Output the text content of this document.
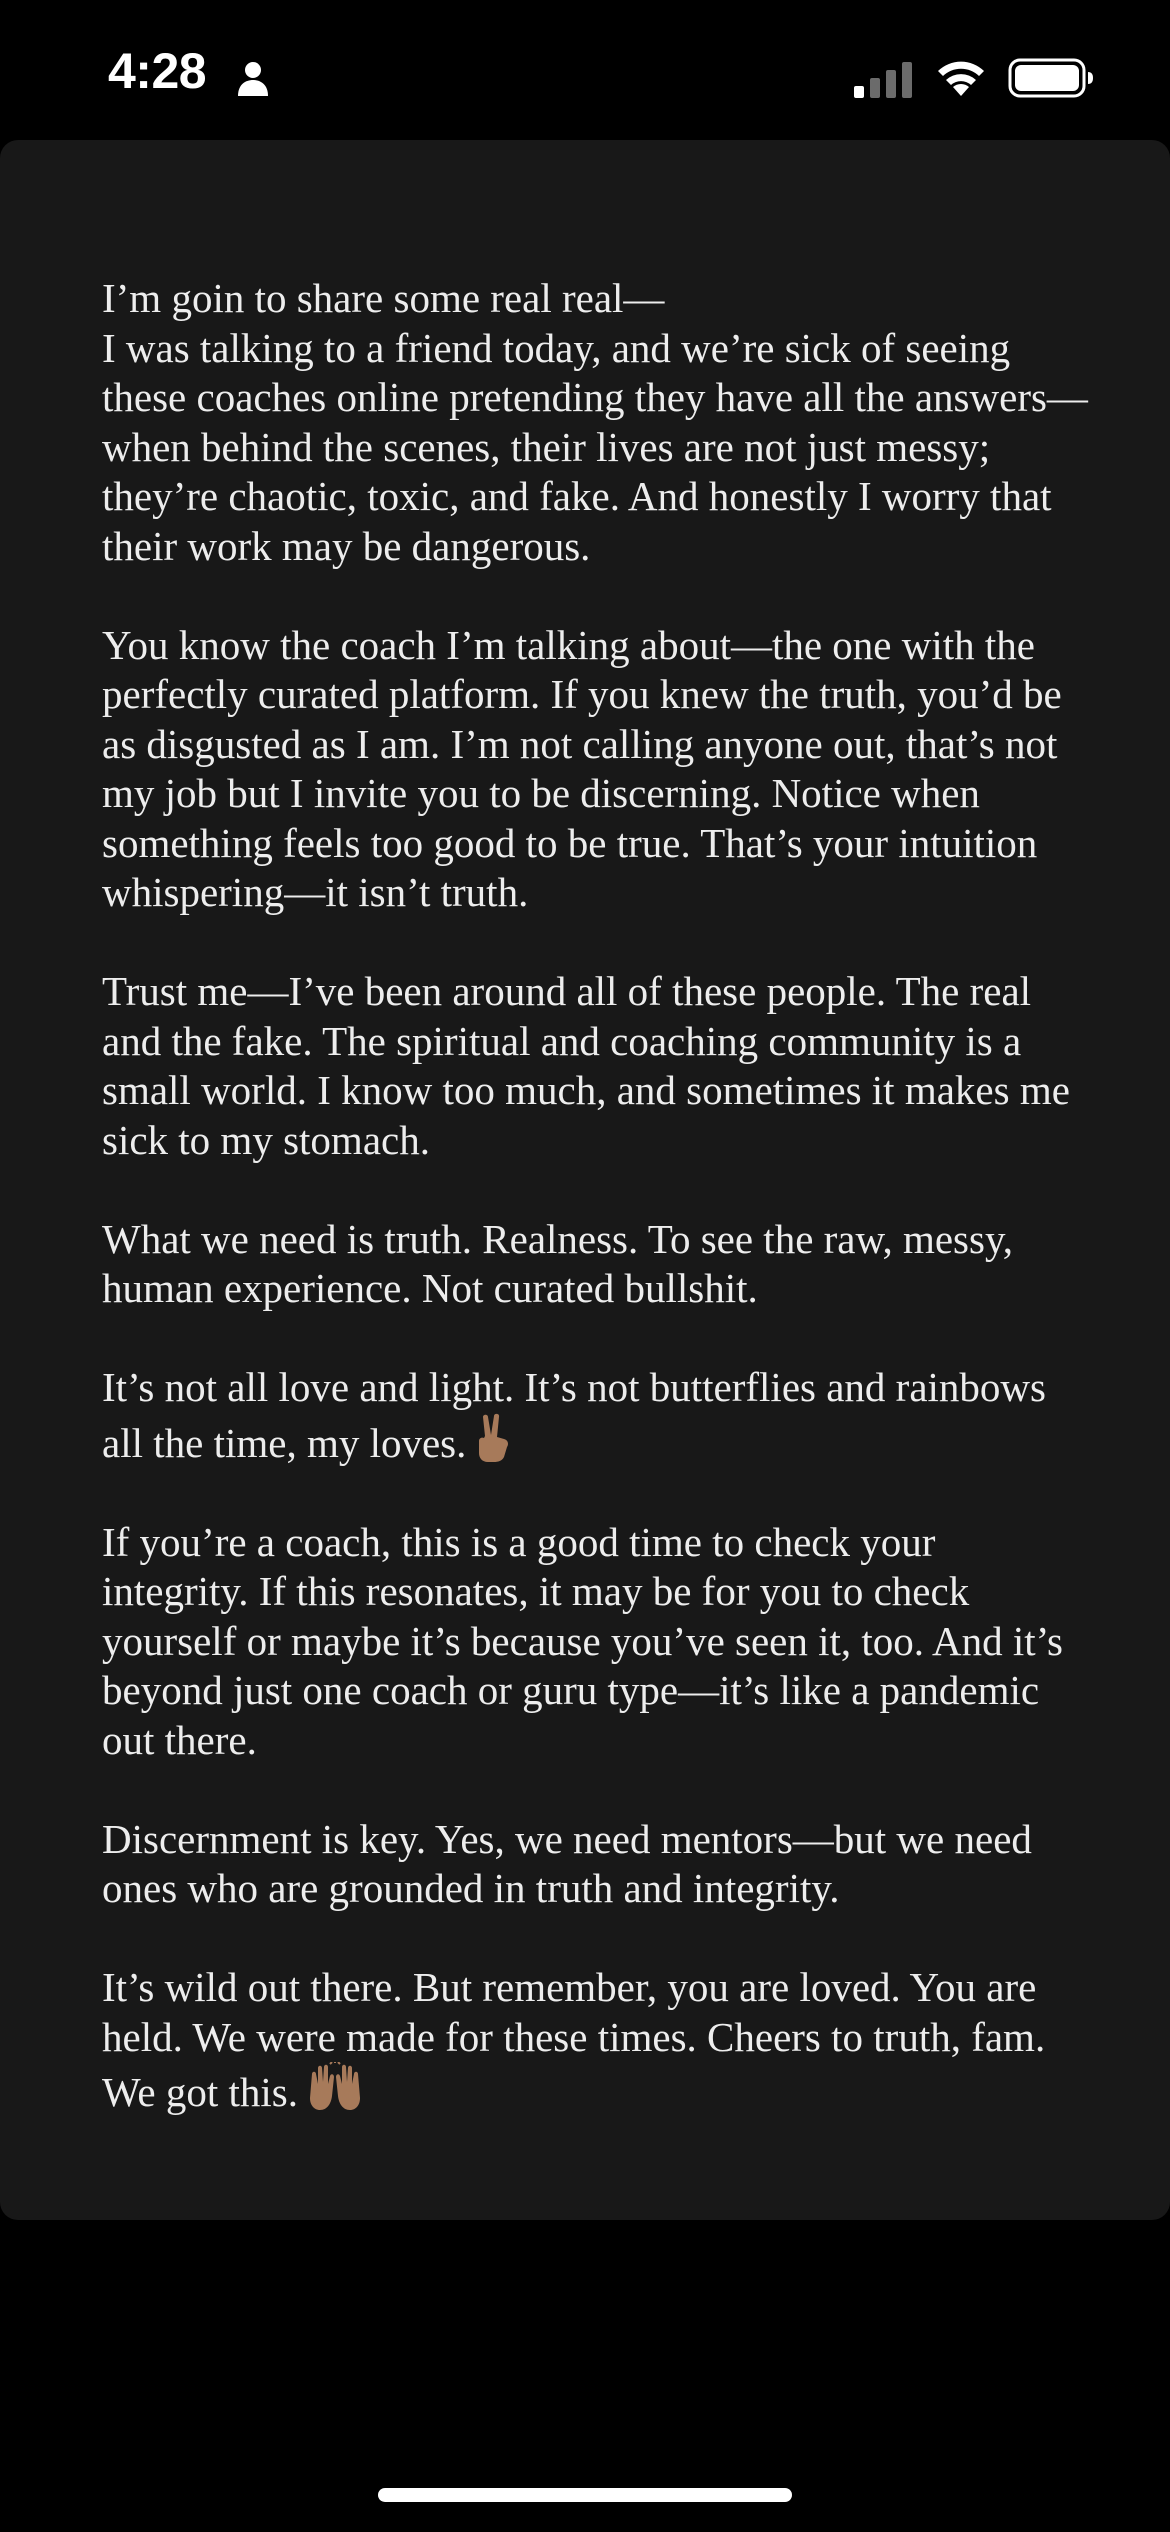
4:28

I’m goin to share some real real—
I was talking to a friend today, and we’re sick of seeing these coaches online pretending they have all the answers—when behind the scenes, their lives are not just messy; they’re chaotic, toxic, and fake. And honestly I worry that their work may be dangerous.

You know the coach I’m talking about—the one with the perfectly curated platform. If you knew the truth, you’d be as disgusted as I am. I’m not calling anyone out, that’s not my job but I invite you to be discerning. Notice when something feels too good to be true. That’s your intuition whispering—it isn’t truth.

Trust me—I’ve been around all of these people. The real and the fake. The spiritual and coaching community is a small world. I know too much, and sometimes it makes me sick to my stomach.

What we need is truth. Realness. To see the raw, messy, human experience. Not curated bullshit.

It’s not all love and light. It’s not butterflies and rainbows all the time, my loves.

If you’re a coach, this is a good time to check your integrity. If this resonates, it may be for you to check yourself or maybe it’s because you’ve seen it, too. And it’s beyond just one coach or guru type—it’s like a pandemic out there.

Discernment is key. Yes, we need mentors—but we need ones who are grounded in truth and integrity.

It’s wild out there. But remember, you are loved. You are held. We were made for these times. Cheers to truth, fam. We got this.
